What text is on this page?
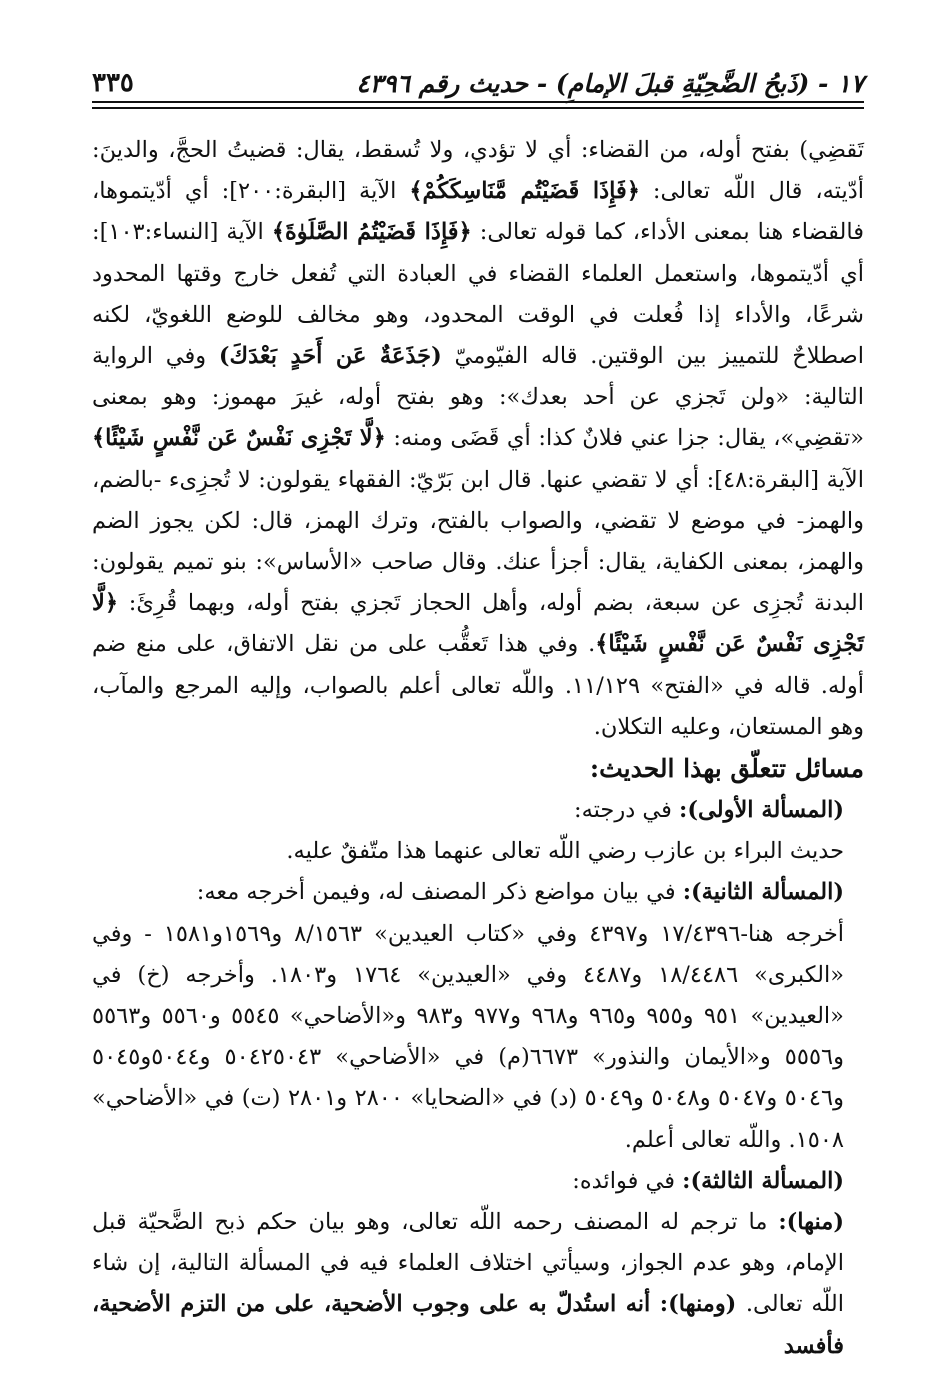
١٧ - (ذَبحُ الضَّحِيّةِ قبلَ الإمامِ) - حديث رقم ٤٣٩٦
٣٣٥

تَقضِي) بفتح أوله، من القضاء: أي لا تؤدي، ولا تُسقط، يقال: قضيتُ الحجَّ، والدينَ: أدّيته، قال اللّه تعالى: ﴿فَإِذَا قَضَيْتُم مَّنَاسِكَكُمْ﴾ الآية [البقرة:٢٠٠]: أي أدّيتموها، فالقضاء هنا بمعنى الأداء، كما قوله تعالى: ﴿فَإِذَا قَضَيْتُمُ الصَّلَوٰةَ﴾ الآية [النساء:١٠٣]: أي أدّيتموها، واستعمل العلماء القضاء في العبادة التي تُفعل خارج وقتها المحدود شرعًا، والأداء إذا فُعلت في الوقت المحدود، وهو مخالف للوضع اللغويّ، لكنه اصطلاحٌ للتمييز بين الوقتين. قاله الفيّوميّ (جَذَعَةٌ عَن أَحَدٍ بَعْدَكَ) وفي الرواية التالية: «ولن تَجزي عن أحد بعدك»: وهو بفتح أوله، غيرَ مهموز: وهو بمعنى «تقضِي»، يقال: جزا عني فلانٌ كذا: أي قَضَى ومنه: ﴿لَّا تَجْزِى نَفْسٌ عَن نَّفْسٍ شَيْئًا﴾ الآية [البقرة:٤٨]: أي لا تقضي عنها. قال ابن بَرّيّ: الفقهاء يقولون: لا تُجزِىء -بالضم، والهمز- في موضع لا تقضي، والصواب بالفتح، وترك الهمز، قال: لكن يجوز الضم والهمز، بمعنى الكفاية، يقال: أجزأ عنك. وقال صاحب «الأساس»: بنو تميم يقولون: البدنة تُجزِى عن سبعة، بضم أوله، وأهل الحجاز تَجزي بفتح أوله، وبهما قُرِئَ: ﴿لَّا تَجْزِى نَفْسٌ عَن نَّفْسٍ شَيْئًا﴾. وفي هذا تَعقُّب على من نقل الاتفاق، على منع ضم أوله. قاله في «الفتح» ١١/١٢٩. واللّه تعالى أعلم بالصواب، وإليه المرجع والمآب، وهو المستعان، وعليه التكلان.

مسائل تتعلّق بهذا الحديث:

(المسألة الأولى): في درجته:

حديث البراء بن عازب رضي اللّه تعالى عنهما هذا متّفقٌ عليه.

(المسألة الثانية): في بيان مواضع ذكر المصنف له، وفيمن أخرجه معه:

أخرجه هنا-١٧/٤٣٩٦ و٤٣٩٧ وفي «كتاب العيدين» ٨/١٥٦٣ و١٥٦٩و١٥٨١ - وفي «الكبرى» ١٨/٤٤٨٦ و٤٤٨٧ وفي «العيدين» ١٧٦٤ و١٨٠٣. وأخرجه (خ) في «العيدين» ٩٥١ و٩٥٥ و٩٦٥ و٩٦٨ و٩٧٧ و٩٨٣ و«الأضاحي» ٥٥٤٥ و٥٥٦٠ و٥٥٦٣ و٥٥٥٦ و«الأيمان والنذور» ٦٦٧٣(م) في «الأضاحي» ٥٠٤٢٥٠٤٣ و٥٠٤٤و٥٠٤٥ و٥٠٤٦ و٥٠٤٧ و٥٠٤٨ و٥٠٤٩ (د) في «الضحايا» ٢٨٠٠ و٢٨٠١ (ت) في «الأضاحي» ١٥٠٨. واللّه تعالى أعلم.

(المسألة الثالثة): في فوائده:

(منها): ما ترجم له المصنف رحمه اللّه تعالى، وهو بيان حكم ذبح الضَّحيّة قبل الإمام، وهو عدم الجواز، وسيأتي اختلاف العلماء فيه في المسألة التالية، إن شاء اللّه تعالى. (ومنها): أنه استُدلّ به على وجوب الأضحية، على من التزم الأضحية، فأفسد
